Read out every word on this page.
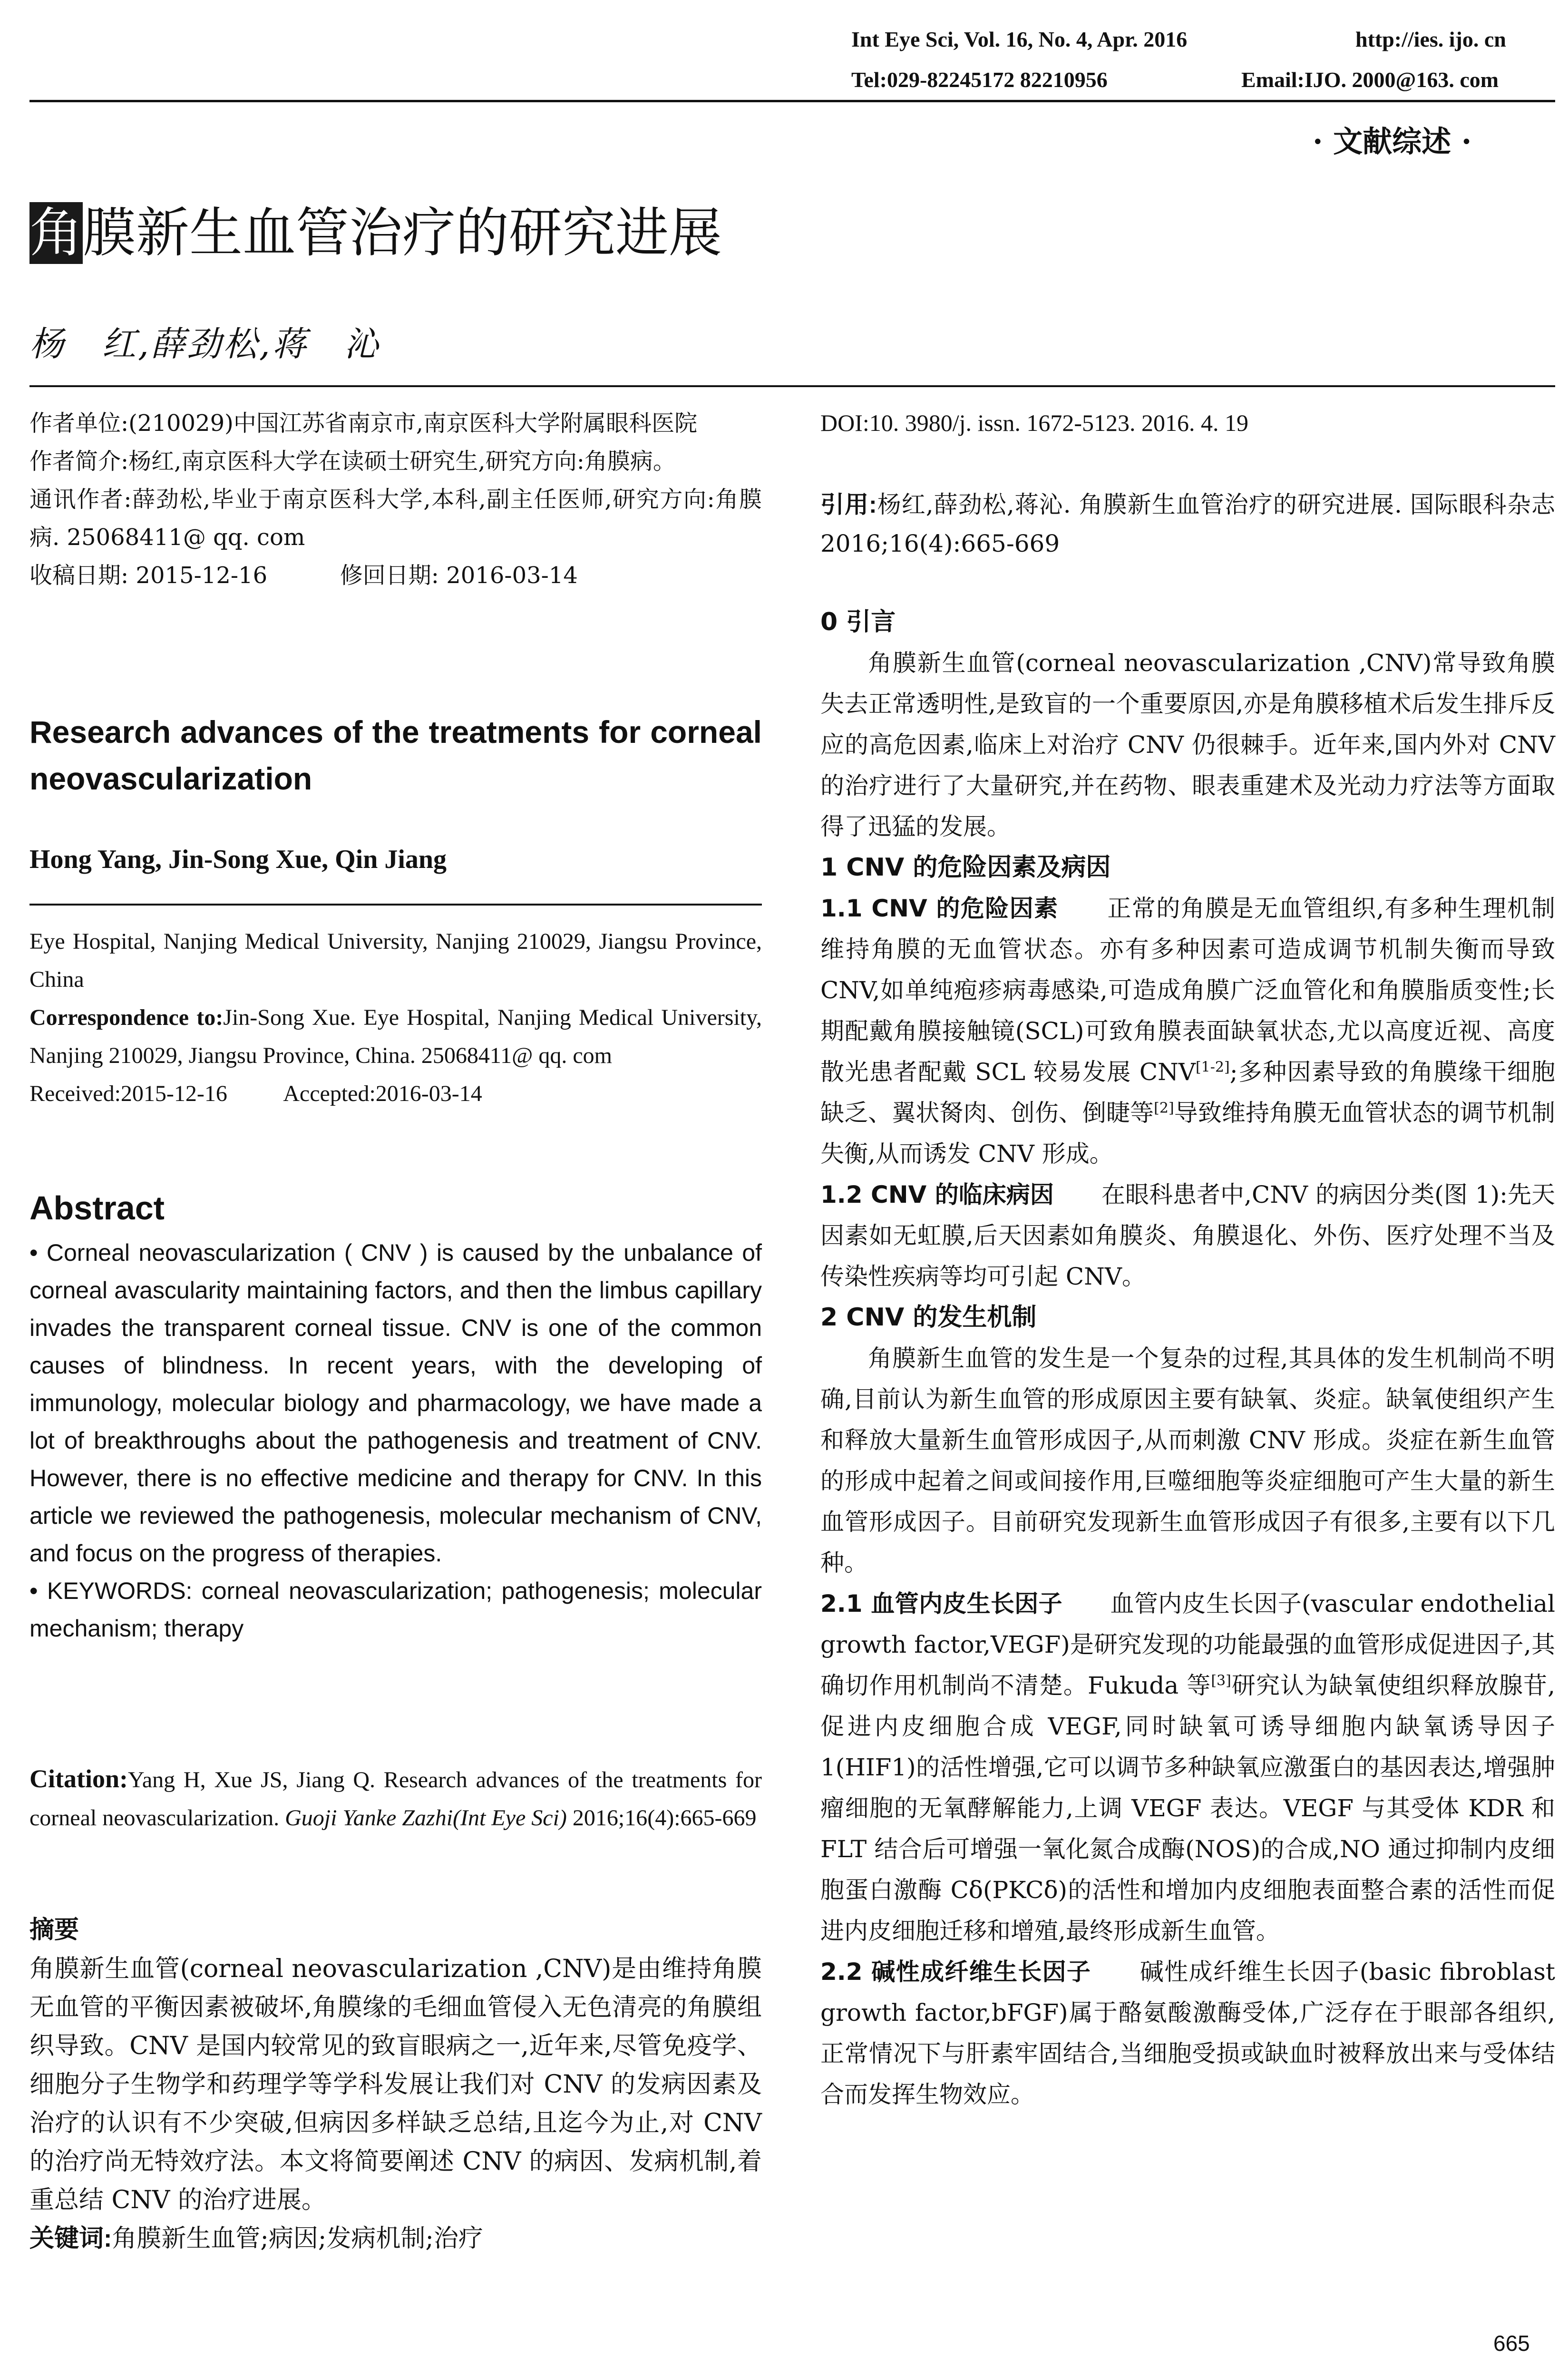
Int Eye Sci, Vol. 16, No. 4, Apr. 2016	http://ies. ijo. cn
Tel:029-82245172 82210956	Email:IJO. 2000@163. com
· 文献综述 ·
角膜新生血管治疗的研究进展
杨　红,薛劲松,蒋　沁

作者单位:(210029)中国江苏省南京市,南京医科大学附属眼科医院

作者简介:杨红,南京医科大学在读硕士研究生,研究方向:角膜病。

通讯作者:薛劲松,毕业于南京医科大学,本科,副主任医师,研究方向:角膜病. 25068411@ qq. com

收稿日期: 2015-12-16	修回日期: 2016-03-14

Research advances of the treatments for corneal neovascularization
Hong Yang, Jin-Song Xue, Qin Jiang

Eye Hospital, Nanjing Medical University, Nanjing 210029, Jiangsu Province, China

Correspondence to:Jin-Song Xue. Eye Hospital, Nanjing Medical University, Nanjing 210029, Jiangsu Province, China. 25068411@ qq. com

Received:2015-12-16 Accepted:2016-03-14

Abstract

• Corneal neovascularization ( CNV ) is caused by the unbalance of corneal avascularity maintaining factors, and then the limbus capillary invades the transparent corneal tissue. CNV is one of the common causes of blindness. In recent years, with the developing of immunology, molecular biology and pharmacology, we have made a lot of breakthroughs about the pathogenesis and treatment of CNV. However, there is no effective medicine and therapy for CNV. In this article we reviewed the pathogenesis, molecular mechanism of CNV, and focus on the progress of therapies.

• KEYWORDS: corneal neovascularization; pathogenesis; molecular mechanism; therapy

Citation:Yang H, Xue JS, Jiang Q. Research advances of the treatments for corneal neovascularization. Guoji Yanke Zazhi(Int Eye Sci) 2016;16(4):665-669

摘要

角膜新生血管(corneal neovascularization ,CNV)是由维持角膜无血管的平衡因素被破坏,角膜缘的毛细血管侵入无色清亮的角膜组织导致。CNV 是国内较常见的致盲眼病之一,近年来,尽管免疫学、细胞分子生物学和药理学等学科发展让我们对 CNV 的发病因素及治疗的认识有不少突破,但病因多样缺乏总结,且迄今为止,对 CNV 的治疗尚无特效疗法。本文将简要阐述 CNV 的病因、发病机制,着重总结 CNV 的治疗进展。

关键词:角膜新生血管;病因;发病机制;治疗

DOI:10. 3980/j. issn. 1672-5123. 2016. 4. 19

引用:杨红,薛劲松,蒋沁. 角膜新生血管治疗的研究进展. 国际眼科杂志 2016;16(4):665-669

0 引言

角膜新生血管(corneal neovascularization ,CNV)常导致角膜失去正常透明性,是致盲的一个重要原因,亦是角膜移植术后发生排斥反应的高危因素,临床上对治疗 CNV 仍很棘手。近年来,国内外对 CNV 的治疗进行了大量研究,并在药物、眼表重建术及光动力疗法等方面取得了迅猛的发展。

1 CNV 的危险因素及病因

1.1 CNV 的危险因素　　 正常的角膜是无血管组织,有多种生理机制维持角膜的无血管状态。亦有多种因素可造成调节机制失衡而导致 CNV,如单纯疱疹病毒感染,可造成角膜广泛血管化和角膜脂质变性;长期配戴角膜接触镜(SCL)可致角膜表面缺氧状态,尤以高度近视、高度散光患者配戴 SCL 较易发展 CNV[1-2];多种因素导致的角膜缘干细胞缺乏、翼状胬肉、创伤、倒睫等[2]导致维持角膜无血管状态的调节机制失衡,从而诱发 CNV 形成。

1.2 CNV 的临床病因　　 在眼科患者中,CNV 的病因分类(图 1):先天因素如无虹膜,后天因素如角膜炎、角膜退化、外伤、医疗处理不当及传染性疾病等均可引起 CNV。

2 CNV 的发生机制

角膜新生血管的发生是一个复杂的过程,其具体的发生机制尚不明确,目前认为新生血管的形成原因主要有缺氧、炎症。缺氧使组织产生和释放大量新生血管形成因子,从而刺激 CNV 形成。炎症在新生血管的形成中起着之间或间接作用,巨噬细胞等炎症细胞可产生大量的新生血管形成因子。目前研究发现新生血管形成因子有很多,主要有以下几种。

2.1 血管内皮生长因子　　 血管内皮生长因子(vascular endothelial growth factor,VEGF)是研究发现的功能最强的血管形成促进因子,其确切作用机制尚不清楚。Fukuda 等[3]研究认为缺氧使组织释放腺苷,促进内皮细胞合成 VEGF,同时缺氧可诱导细胞内缺氧诱导因子 1(HIF1)的活性增强,它可以调节多种缺氧应激蛋白的基因表达,增强肿瘤细胞的无氧酵解能力,上调 VEGF 表达。VEGF 与其受体 KDR 和 FLT 结合后可增强一氧化氮合成酶(NOS)的合成,NO 通过抑制内皮细胞蛋白激酶 Cδ(PKCδ)的活性和增加内皮细胞表面整合素的活性而促进内皮细胞迁移和增殖,最终形成新生血管。

2.2 碱性成纤维生长因子　　 碱性成纤维生长因子(basic fibroblast growth factor,bFGF)属于酪氨酸激酶受体,广泛存在于眼部各组织,正常情况下与肝素牢固结合,当细胞受损或缺血时被释放出来与受体结合而发挥生物效应。

665
